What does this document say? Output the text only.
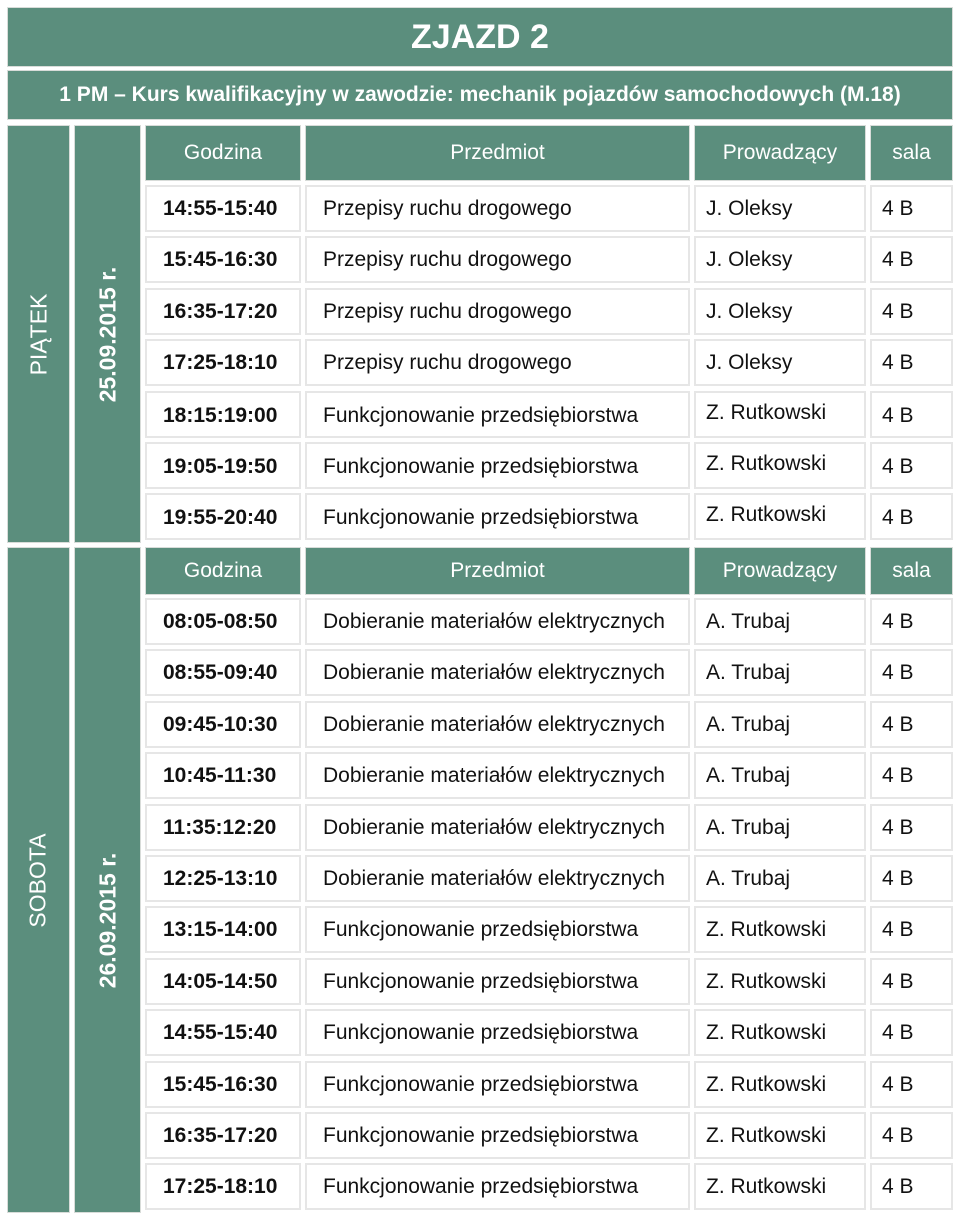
ZJAZD 2
1 PM – Kurs kwalifikacyjny w zawodzie: mechanik pojazdów samochodowych (M.18)
PIĄTEK 25.09.2015 r.
SOBOTA 26.09.2015 r.
Godzina	Przedmiot	Prowadzący	sala
14:55-15:40	Przepisy ruchu drogowego	J. Oleksy	4 B
15:45-16:30	Przepisy ruchu drogowego	J. Oleksy	4 B
16:35-17:20	Przepisy ruchu drogowego	J. Oleksy	4 B
17:25-18:10	Przepisy ruchu drogowego	J. Oleksy	4 B
18:15:19:00	Funkcjonowanie przedsiębiorstwa	Z. Rutkowski	4 B
19:05-19:50	Funkcjonowanie przedsiębiorstwa	Z. Rutkowski	4 B
19:55-20:40	Funkcjonowanie przedsiębiorstwa	Z. Rutkowski	4 B
Godzina	Przedmiot	Prowadzący	sala
08:05-08:50	Dobieranie materiałów elektrycznych	A. Trubaj	4 B
08:55-09:40	Dobieranie materiałów elektrycznych	A. Trubaj	4 B
09:45-10:30	Dobieranie materiałów elektrycznych	A. Trubaj	4 B
10:45-11:30	Dobieranie materiałów elektrycznych	A. Trubaj	4 B
11:35:12:20	Dobieranie materiałów elektrycznych	A. Trubaj	4 B
12:25-13:10	Dobieranie materiałów elektrycznych	A. Trubaj	4 B
13:15-14:00	Funkcjonowanie przedsiębiorstwa	Z. Rutkowski	4 B
14:05-14:50	Funkcjonowanie przedsiębiorstwa	Z. Rutkowski	4 B
14:55-15:40	Funkcjonowanie przedsiębiorstwa	Z. Rutkowski	4 B
15:45-16:30	Funkcjonowanie przedsiębiorstwa	Z. Rutkowski	4 B
16:35-17:20	Funkcjonowanie przedsiębiorstwa	Z. Rutkowski	4 B
17:25-18:10	Funkcjonowanie przedsiębiorstwa	Z. Rutkowski	4 B
